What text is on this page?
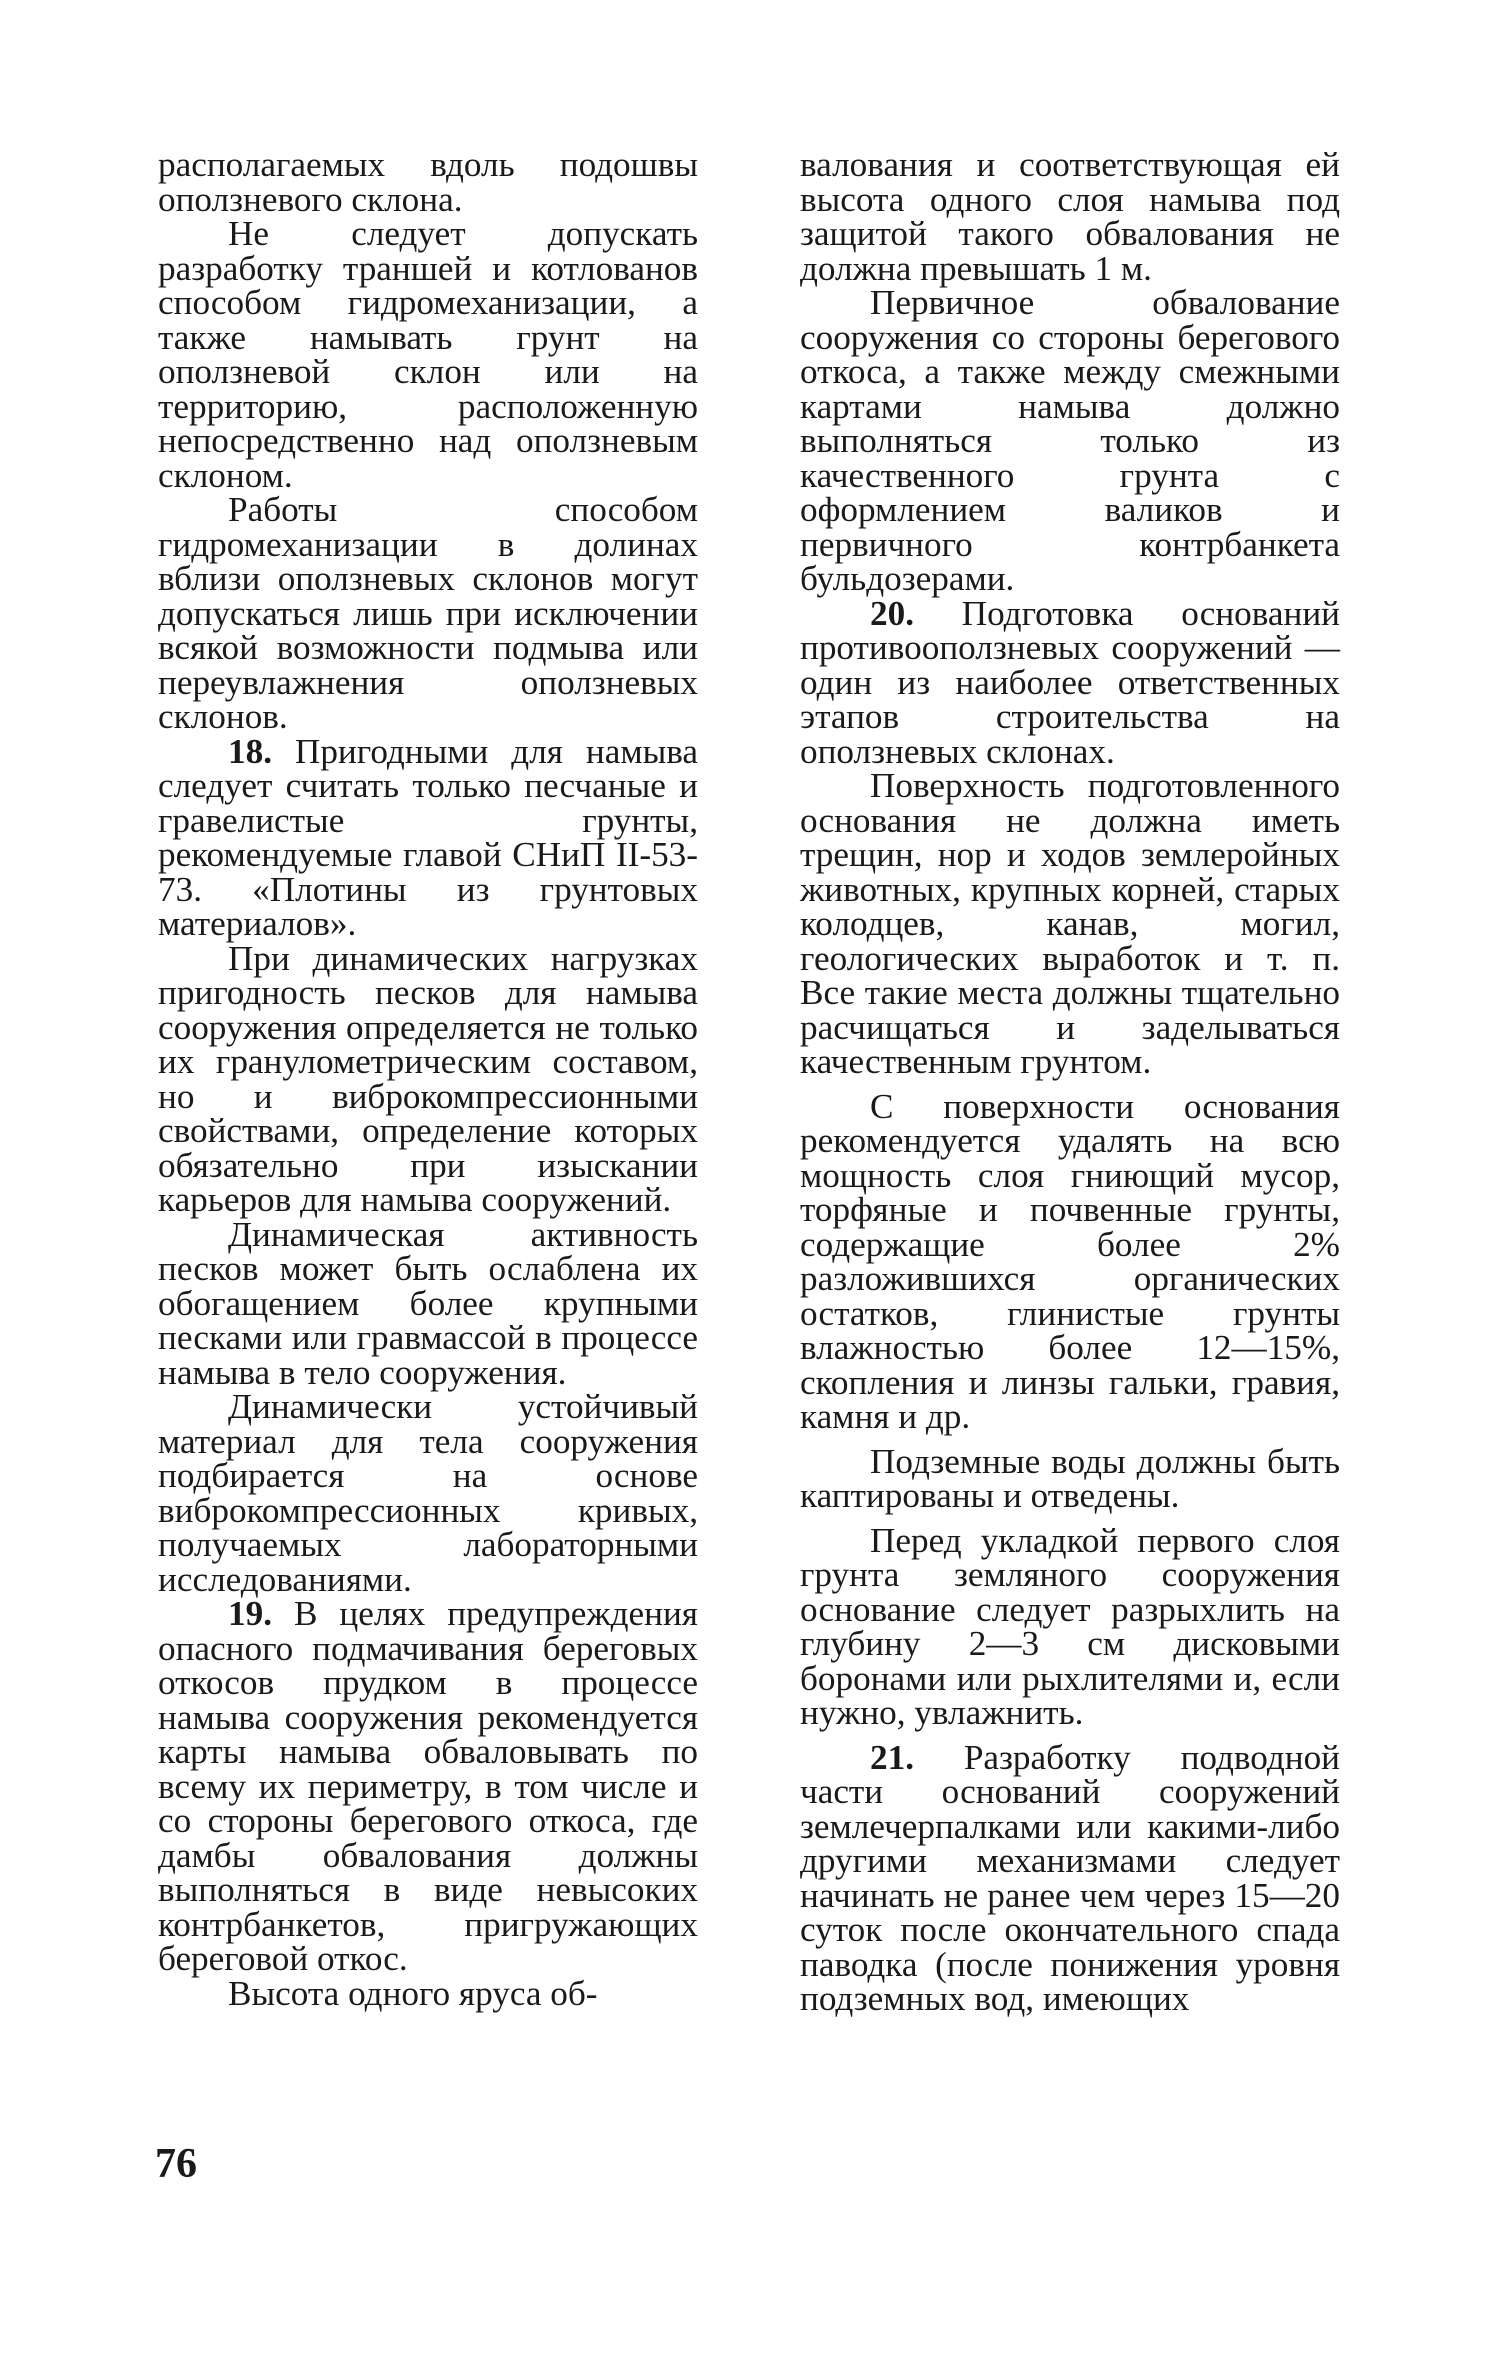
располагаемых вдоль подошвы оползневого склона.

Не следует допускать разработку траншей и котлованов способом гидромеханизации, а также намывать грунт на оползневой склон или на территорию, расположенную непосредственно над оползневым склоном.

Работы способом гидромеханизации в долинах вблизи оползневых склонов могут допускаться лишь при исключении всякой возможности подмыва или переувлажнения оползневых склонов.

18. Пригодными для намыва следует считать только песчаные и гравелистые грунты, рекомендуемые главой СНиП II-53-73. «Плотины из грунтовых материалов».

При динамических нагрузках пригодность песков для намыва сооружения определяется не только их гранулометрическим составом, но и виброкомпрессионными свойствами, определение которых обязательно при изыскании карьеров для намыва сооружений.

Динамическая активность песков может быть ослаблена их обогащением более крупными песками или гравмассой в процессе намыва в тело сооружения.

Динамически устойчивый материал для тела сооружения подбирается на основе виброкомпрессионных кривых, получаемых лабораторными исследованиями.

19. В целях предупреждения опасного подмачивания береговых откосов прудком в процессе намыва сооружения рекомендуется карты намыва обваловывать по всему их периметру, в том числе и со стороны берегового откоса, где дамбы обвалования должны выполняться в виде невысоких контрбанкетов, пригружающих береговой откос.

Высота одного яруса об-

валования и соответствующая ей высота одного слоя намыва под защитой такого обвалования не должна превышать 1 м.

Первичное обвалование сооружения со стороны берегового откоса, а также между смежными картами намыва должно выполняться только из качественного грунта с оформлением валиков и первичного контрбанкета бульдозерами.

20. Подготовка оснований противооползневых сооружений — один из наиболее ответственных этапов строительства на оползневых склонах.

Поверхность подготовленного основания не должна иметь трещин, нор и ходов землеройных животных, крупных корней, старых колодцев, канав, могил, геологических выработок и т. п. Все такие места должны тщательно расчищаться и заделываться качественным грунтом.

С поверхности основания рекомендуется удалять на всю мощность слоя гниющий мусор, торфяные и почвенные грунты, содержащие более 2% разложившихся органических остатков, глинистые грунты влажностью более 12—15%, скопления и линзы гальки, гравия, камня и др.

Подземные воды должны быть каптированы и отведены.

Перед укладкой первого слоя грунта земляного сооружения основание следует разрыхлить на глубину 2—3 см дисковыми боронами или рыхлителями и, если нужно, увлажнить.

21. Разработку подводной части оснований сооружений землечерпалками или какими-либо другими механизмами следует начинать не ранее чем через 15—20 суток после окончательного спада паводка (после понижения уровня подземных вод, имеющих

76
